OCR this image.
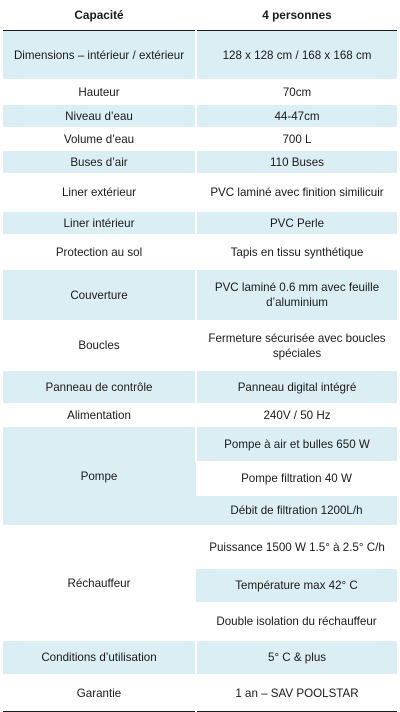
Capacité	4 personnes
Dimensions – intérieur / extérieur	128 x 128 cm / 168 x 168 cm
Hauteur	70cm
Niveau d’eau	44-47cm
Volume d’eau	700 L
Buses d’air	110 Buses
Liner extérieur	PVC laminé avec finition similicuir
Liner intérieur	PVC Perle
Protection au sol	Tapis en tissu synthétique
Couverture	PVC laminé 0.6 mm avec feuille d’aluminium
Boucles	Fermeture sécurisée avec boucles spéciales
Panneau de contrôle	Panneau digital intégré
Alimentation	240V / 50 Hz
Pompe	Pompe à air et bulles 650 W
	Pompe filtration 40 W
	Débit de filtration 1200L/h
Réchauffeur	Puissance 1500 W 1.5° à 2.5° C/h
	Température max 42° C
	Double isolation du réchauffeur
Conditions d’utilisation	5° C & plus
Garantie	1 an – SAV POOLSTAR
